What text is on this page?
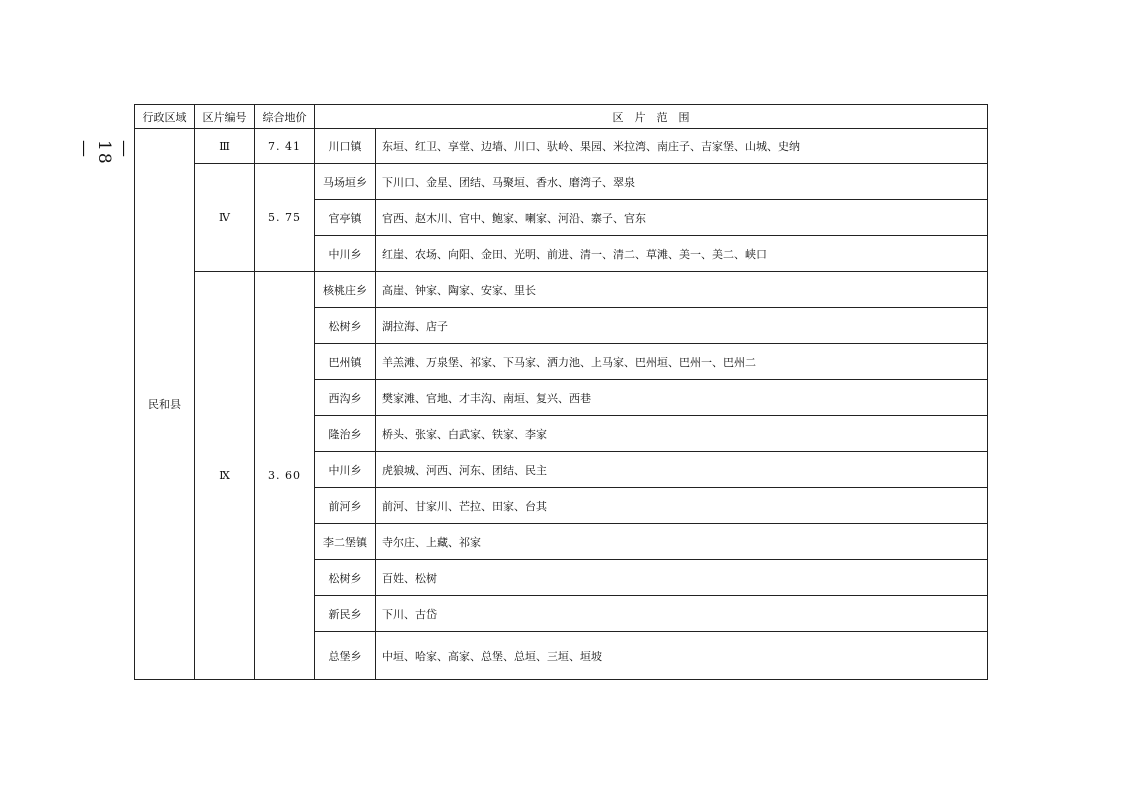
— 18 —
行政区域	区片编号	综合地价	区　片　范　围	
民和县	Ⅲ	7. 41	川口镇	东垣、红卫、享堂、边墙、川口、驮岭、果园、米拉湾、南庄子、吉家堡、山城、史纳
	Ⅳ	5. 75	马场垣乡	下川口、金星、团结、马聚垣、香水、磨湾子、翠泉
			官亭镇	官西、赵木川、官中、鲍家、喇家、河沿、寨子、官东
			中川乡	红崖、农场、向阳、金田、光明、前进、清一、清二、草滩、美一、美二、峡口
	Ⅸ	3. 60	核桃庄乡	高崖、钟家、陶家、安家、里长
			松树乡	湖拉海、店子
			巴州镇	羊羔滩、万泉堡、祁家、下马家、洒力池、上马家、巴州垣、巴州一、巴州二
			西沟乡	樊家滩、官地、才丰沟、南垣、复兴、西巷
			隆治乡	桥头、张家、白武家、铁家、李家
			中川乡	虎狼城、河西、河东、团结、民主
			前河乡	前河、甘家川、芒拉、田家、台其
			李二堡镇	寺尔庄、上藏、祁家
			松树乡	百姓、松树
			新民乡	下川、古岱
			总堡乡	中垣、哈家、高家、总堡、总垣、三垣、垣坡
